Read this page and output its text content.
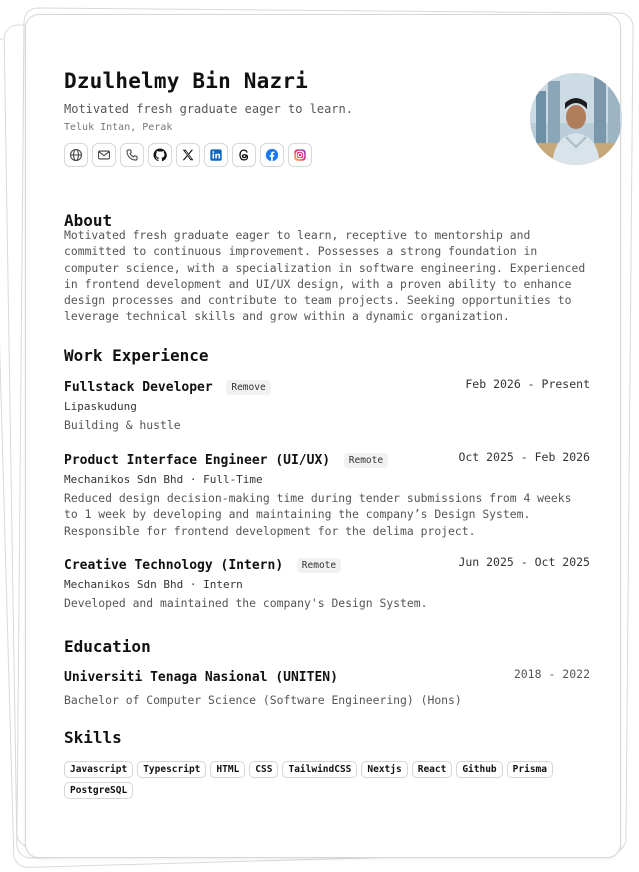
Dzulhelmy Bin Nazri
Motivated fresh graduate eager to learn.
Teluk Intan, Perak
About
Motivated fresh graduate eager to learn, receptive to mentorship and committed to continuous improvement. Possesses a strong foundation in computer science, with a specialization in software engineering. Experienced in frontend development and UI/UX design, with a proven ability to enhance design processes and contribute to team projects. Seeking opportunities to leverage technical skills and grow within a dynamic organization.
Work Experience
Fullstack Developer Remove	Feb 2026 - Present
Lipaskudung
Building & hustle
Product Interface Engineer (UI/UX) Remote	Oct 2025 - Feb 2026
Mechanikos Sdn Bhd · Full-Time
Reduced design decision-making time during tender submissions from 4 weeks to 1 week by developing and maintaining the company’s Design System. Responsible for frontend development for the delima project.
Creative Technology (Intern) Remote	Jun 2025 - Oct 2025
Mechanikos Sdn Bhd · Intern
Developed and maintained the company's Design System.
Education
Universiti Tenaga Nasional (UNITEN)	2018 - 2022
Bachelor of Computer Science (Software Engineering) (Hons)
Skills
Javascript	Typescript	HTML	CSS	TailwindCSS	Nextjs	React	Github	Prisma
PostgreSQL
